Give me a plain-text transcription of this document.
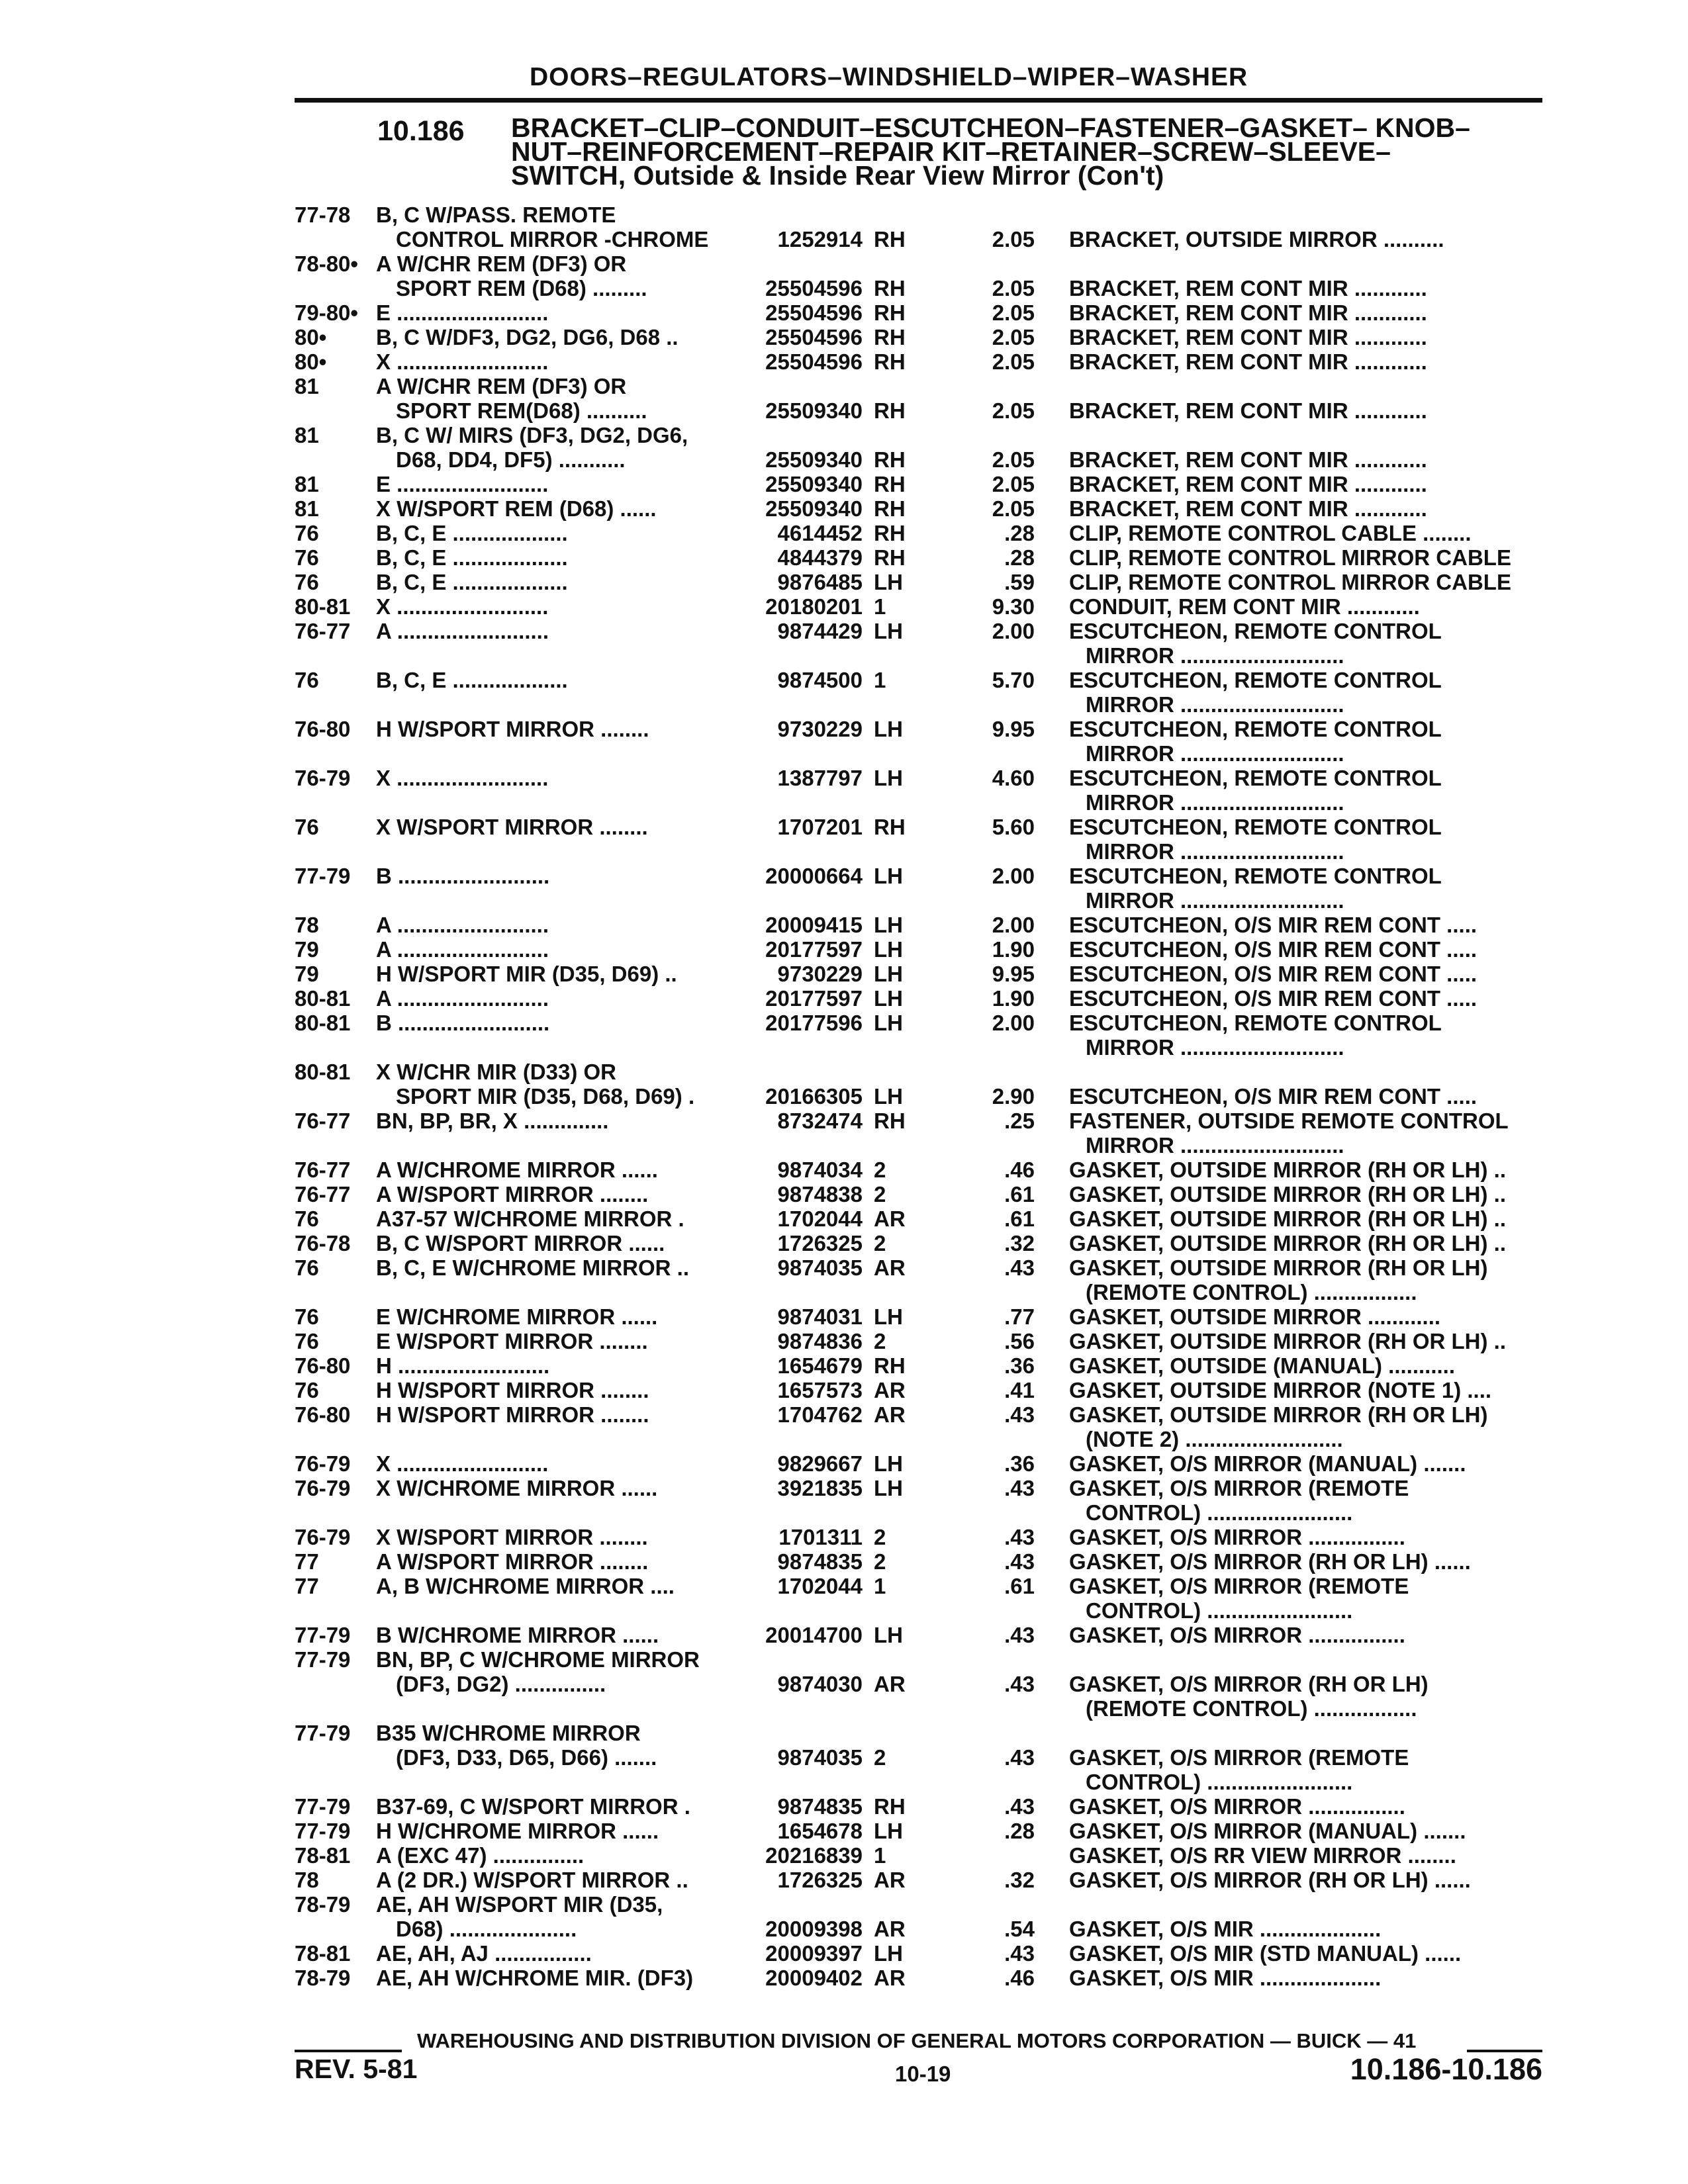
DOORS–REGULATORS–WINDSHIELD–WIPER–WASHER
10.186 BRACKET–CLIP–CONDUIT–ESCUTCHEON–FASTENER–GASKET– KNOB–
NUT–REINFORCEMENT–REPAIR KIT–RETAINER–SCREW–SLEEVE–
SWITCH, Outside & Inside Rear View Mirror (Con't)
77-78 B, C W/PASS. REMOTE
CONTROL MIRROR -CHROME	1252914 RH	2.05 BRACKET, OUTSIDE MIRROR ..........
78-80• A W/CHR REM (DF3) OR
SPORT REM (D68) .........	25504596 RH	2.05 BRACKET, REM CONT MIR ............
79-80• E .........................	25504596 RH	2.05 BRACKET, REM CONT MIR ............
80• B, C W/DF3, DG2, DG6, D68 ..	25504596 RH	2.05 BRACKET, REM CONT MIR ............
80• X .........................	25504596 RH	2.05 BRACKET, REM CONT MIR ............
81	A W/CHR REM (DF3) OR
SPORT REM(D68) ..........	25509340 RH	2.05 BRACKET, REM CONT MIR ............
81	B, C W/ MIRS (DF3, DG2, DG6,
D68, DD4, DF5) ...........	25509340 RH	2.05 BRACKET, REM CONT MIR ............
81	E .........................	25509340 RH	2.05 BRACKET, REM CONT MIR ............
81	X W/SPORT REM (D68) ......	25509340 RH	2.05 BRACKET, REM CONT MIR ............
76	B, C, E ...................	4614452 RH	.28 CLIP, REMOTE CONTROL CABLE ........
76	B, C, E ...................	4844379 RH	.28 CLIP, REMOTE CONTROL MIRROR CABLE
76	B, C, E ...................	9876485 LH	.59 CLIP, REMOTE CONTROL MIRROR CABLE
80-81 X .........................	20180201 1	9.30 CONDUIT, REM CONT MIR ............
76-77 A .........................	9874429 LH	2.00 ESCUTCHEON, REMOTE CONTROL
MIRROR ...........................
76	B, C, E ...................	9874500 1	5.70 ESCUTCHEON, REMOTE CONTROL
MIRROR ...........................
76-80 H W/SPORT MIRROR ........	9730229 LH	9.95 ESCUTCHEON, REMOTE CONTROL
MIRROR ...........................
76-79 X .........................	1387797 LH	4.60 ESCUTCHEON, REMOTE CONTROL
MIRROR ...........................
76	X W/SPORT MIRROR ........	1707201 RH	5.60 ESCUTCHEON, REMOTE CONTROL
MIRROR ...........................
77-79 B .........................	20000664 LH	2.00 ESCUTCHEON, REMOTE CONTROL
MIRROR ...........................
78	A .........................	20009415 LH	2.00 ESCUTCHEON, O/S MIR REM CONT .....
79	A .........................	20177597 LH	1.90 ESCUTCHEON, O/S MIR REM CONT .....
79	H W/SPORT MIR (D35, D69) ..	9730229 LH	9.95 ESCUTCHEON, O/S MIR REM CONT .....
80-81 A .........................	20177597 LH	1.90 ESCUTCHEON, O/S MIR REM CONT .....
80-81 B .........................	20177596 LH	2.00 ESCUTCHEON, REMOTE CONTROL
MIRROR ...........................
80-81 X W/CHR MIR (D33) OR
SPORT MIR (D35, D68, D69) .	20166305 LH	2.90 ESCUTCHEON, O/S MIR REM CONT .....
76-77 BN, BP, BR, X ..............	8732474 RH	.25 FASTENER, OUTSIDE REMOTE CONTROL
MIRROR ...........................
76-77 A W/CHROME MIRROR ......	9874034 2	.46 GASKET, OUTSIDE MIRROR (RH OR LH) ..
76-77 A W/SPORT MIRROR ........	9874838 2	.61 GASKET, OUTSIDE MIRROR (RH OR LH) ..
76	A37-57 W/CHROME MIRROR .	1702044 AR	.61 GASKET, OUTSIDE MIRROR (RH OR LH) ..
76-78 B, C W/SPORT MIRROR ......	1726325 2	.32 GASKET, OUTSIDE MIRROR (RH OR LH) ..
76	B, C, E W/CHROME MIRROR ..	9874035 AR	.43 GASKET, OUTSIDE MIRROR (RH OR LH)
(REMOTE CONTROL) .................
76	E W/CHROME MIRROR ......	9874031 LH	.77 GASKET, OUTSIDE MIRROR ............
76	E W/SPORT MIRROR ........	9874836 2	.56 GASKET, OUTSIDE MIRROR (RH OR LH) ..
76-80 H .........................	1654679 RH	.36 GASKET, OUTSIDE (MANUAL) ...........
76	H W/SPORT MIRROR ........	1657573 AR	.41 GASKET, OUTSIDE MIRROR (NOTE 1) ....
76-80 H W/SPORT MIRROR ........	1704762 AR	.43 GASKET, OUTSIDE MIRROR (RH OR LH)
(NOTE 2) ..........................
76-79 X .........................	9829667 LH	.36 GASKET, O/S MIRROR (MANUAL) .......
76-79 X W/CHROME MIRROR ......	3921835 LH	.43 GASKET, O/S MIRROR (REMOTE
CONTROL) ........................
76-79 X W/SPORT MIRROR ........	1701311 2	.43 GASKET, O/S MIRROR ................
77	A W/SPORT MIRROR ........	9874835 2	.43 GASKET, O/S MIRROR (RH OR LH) ......
77	A, B W/CHROME MIRROR ....	1702044 1	.61 GASKET, O/S MIRROR (REMOTE
CONTROL) ........................
77-79 B W/CHROME MIRROR ......	20014700 LH	.43 GASKET, O/S MIRROR ................
77-79 BN, BP, C W/CHROME MIRROR
(DF3, DG2) ...............	9874030 AR	.43 GASKET, O/S MIRROR (RH OR LH)
(REMOTE CONTROL) .................
77-79 B35 W/CHROME MIRROR
(DF3, D33, D65, D66) .......	9874035 2	.43 GASKET, O/S MIRROR (REMOTE
CONTROL) ........................
77-79 B37-69, C W/SPORT MIRROR .	9874835 RH	.43 GASKET, O/S MIRROR ................
77-79 H W/CHROME MIRROR ......	1654678 LH	.28 GASKET, O/S MIRROR (MANUAL) .......
78-81 A (EXC 47) ...............	20216839 1	GASKET, O/S RR VIEW MIRROR ........
78	A (2 DR.) W/SPORT MIRROR ..	1726325 AR	.32 GASKET, O/S MIRROR (RH OR LH) ......
78-79 AE, AH W/SPORT MIR (D35,
D68) .....................	20009398 AR	.54 GASKET, O/S MIR ....................
78-81 AE, AH, AJ ................	20009397 LH	.43 GASKET, O/S MIR (STD MANUAL) ......
78-79 AE, AH W/CHROME MIR. (DF3)	20009402 AR	.46 GASKET, O/S MIR ....................
WAREHOUSING AND DISTRIBUTION DIVISION OF GENERAL MOTORS CORPORATION — BUICK — 41
REV. 5-81	10-19	10.186-10.186
